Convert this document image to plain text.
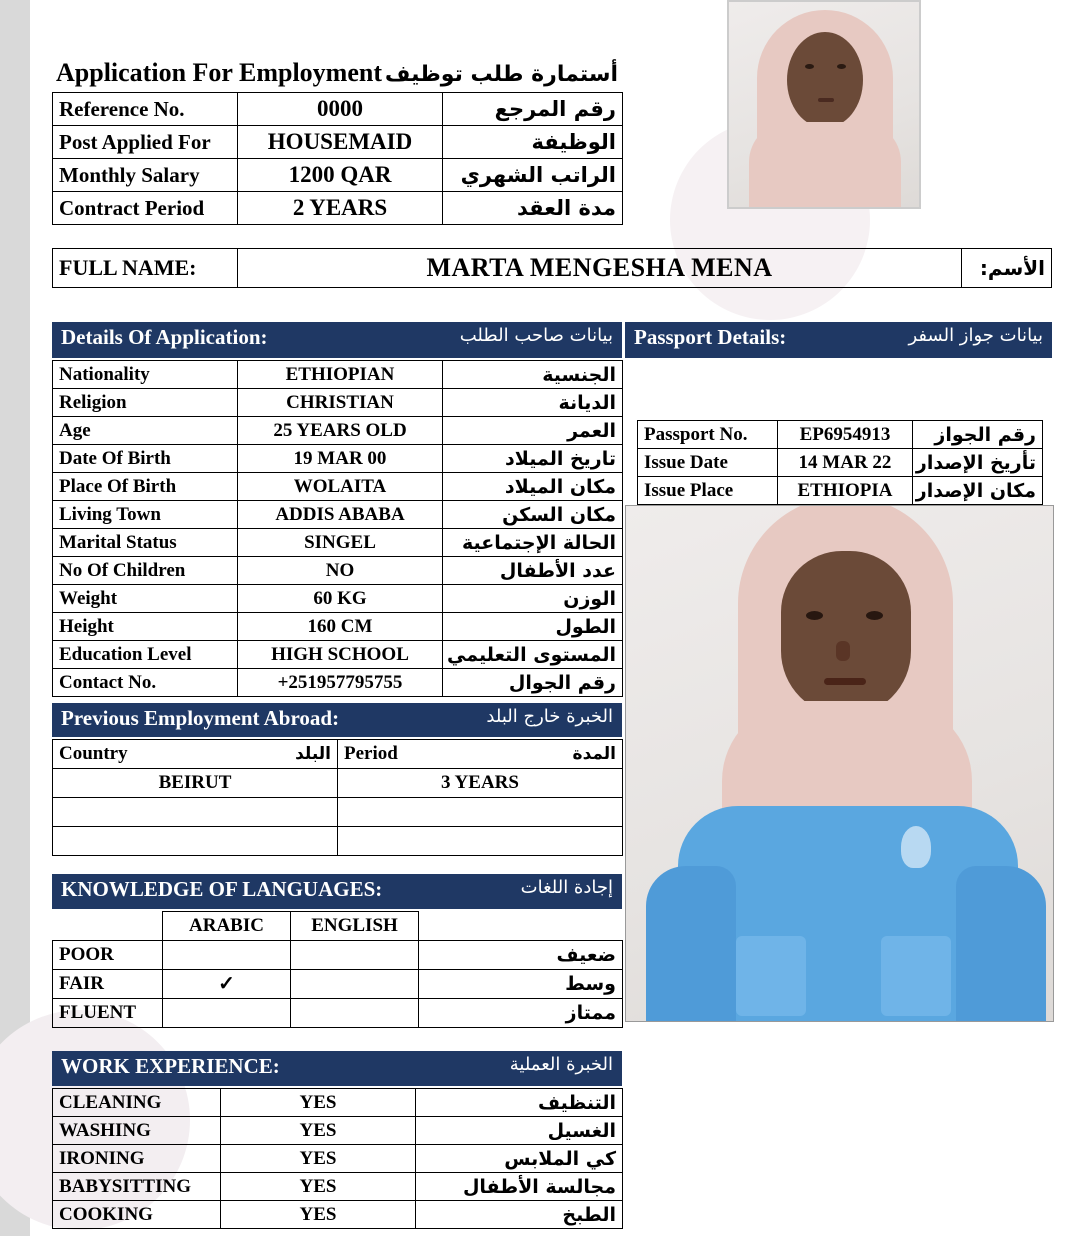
Application For Employment أستمارة طلب توظيف
Reference No.	0000	رقم المرجع
Post Applied For	HOUSEMAID	الوظيفة
Monthly Salary	1200 QAR	الراتب الشهري
Contract Period	2 YEARS	مدة العقد
FULL NAME:	MARTA MENGESHA MENA	الأسم:
Details Of Application:	بيانات صاحب الطلب
Nationality	ETHIOPIAN	الجنسية
Religion	CHRISTIAN	الديانة
Age	25 YEARS OLD	العمر
Date Of Birth	19 MAR 00	تاريخ الميلاد
Place Of Birth	WOLAITA	مكان الميلاد
Living Town	ADDIS ABABA	مكان السكن
Marital Status	SINGEL	الحالة الإجتماعية
No Of Children	NO	عدد الأطفال
Weight	60 KG	الوزن
Height	160 CM	الطول
Education Level	HIGH SCHOOL	المستوى التعليمي
Contact No.	+251957795755	رقم الجوال
Passport Details:	بيانات جواز السفر
Passport No.	EP6954913	رقم الجواز
Issue Date	14 MAR 22	تأريخ الإصدار
Issue Place	ETHIOPIA	مكان الإصدار

Previous Employment Abroad:	الخبرة خارج البلد
Country البلد	Period المدة

BEIRUT	3 YEARS

KNOWLEDGE OF LANGUAGES:	إجادة اللغات
	ARABIC	ENGLISH	
POOR			ضعيف
FAIR	✓		وسط
FLUENT			ممتاز
WORK EXPERIENCE:	الخبرة العملية
CLEANING	YES	التنظيف
WASHING	YES	الغسيل
IRONING	YES	كي الملابس
BABYSITTING	YES	مجالسة الأطفال
COOKING	YES	الطبخ
